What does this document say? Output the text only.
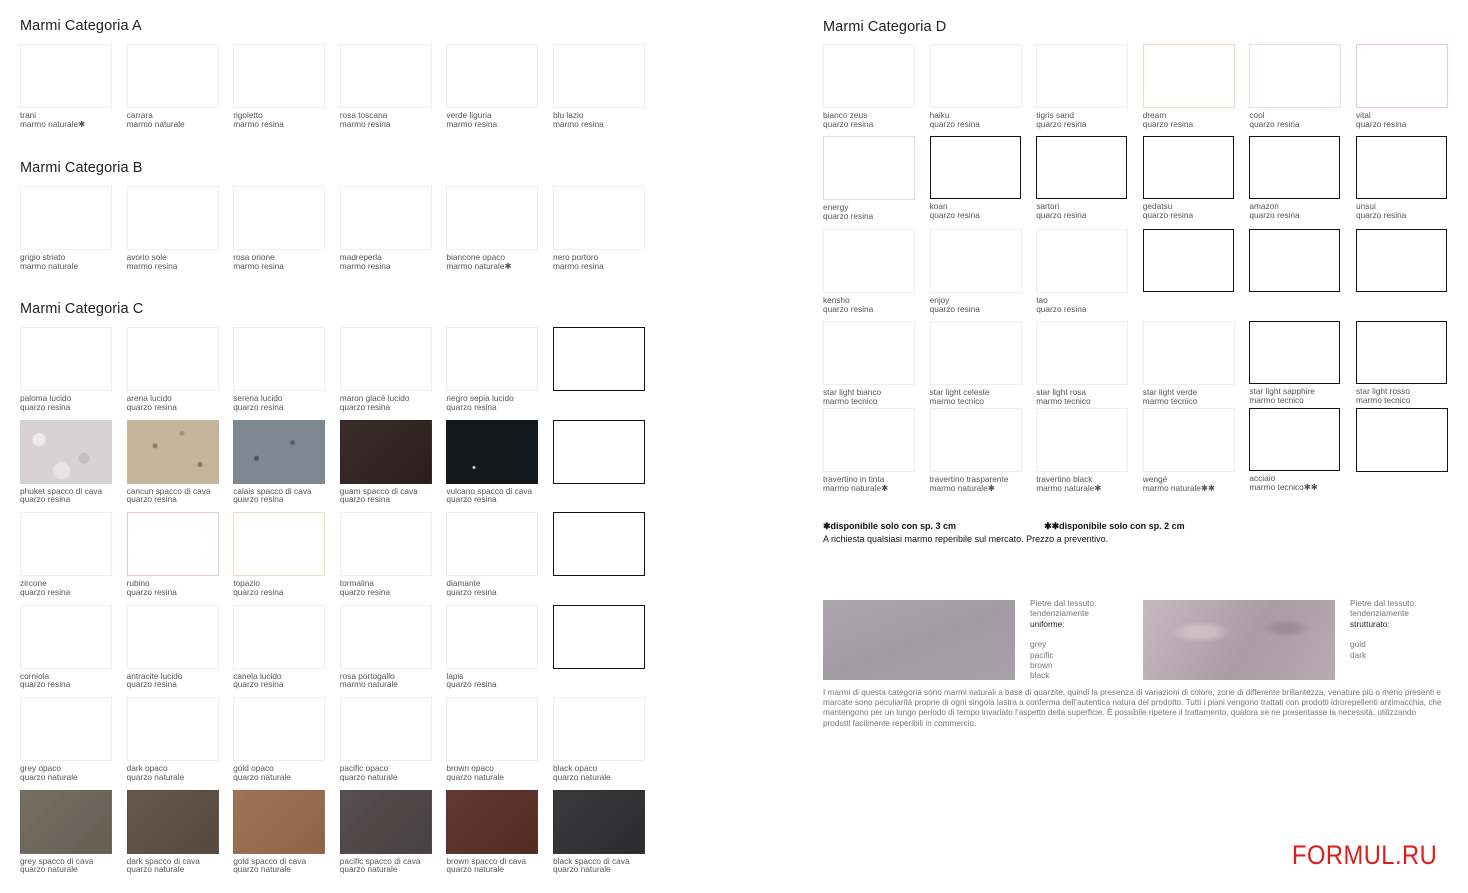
Marmi Categoria A
trani
marmo naturale✱
carrara
marmo naturale
rigoletto
marmo resina
rosa toscana
marmo resina
verde liguria
marmo resina
blu lazio
marmo resina
Marmi Categoria B
grigio striato
marmo naturale
avorio sole
marmo resina
rosa orione
marmo resina
madreperla
marmo resina
biancone opaco
marmo naturale✱
nero portoro
marmo resina
Marmi Categoria C
paloma lucido
quarzo resina
arena lucido
quarzo resina
serena lucido
quarzo resina
maron glacè lucido
quarzo resina
negro sepia lucido
quarzo resina
phuket spacco di cava
quarzo resina
cancun spacco di cava
quarzo resina
calais spacco di cava
quarzo resina
guam spacco di cava
quarzo resina
vulcano spacco di cava
quarzo resina
zircone
quarzo resina
rubino
quarzo resina
topazio
quarzo resina
tormalina
quarzo resina
diamante
quarzo resina
corniola
quarzo resina
antracite lucido
quarzo resina
canela lucido
quarzo resina
rosa portogallo
marmo naturale
lapis
quarzo resina
grey opaco
quarzo naturale
dark opaco
quarzo naturale
gold opaco
quarzo naturale
pacific opaco
quarzo naturale
brown opaco
quarzo naturale
black opaco
quarzo naturale
grey spacco di cava
quarzo naturale
dark spacco di cava
quarzo naturale
gold spacco di cava
quarzo naturale
pacific spacco di cava
quarzo naturale
brown spacco di cava
quarzo naturale
black spacco di cava
quarzo naturale
Marmi Categoria D
bianco zeus
quarzo resina
haiku
quarzo resina
tigris sand
quarzo resina
dream
quarzo resina
cool
quarzo resina
vital
quarzo resina
energy
quarzo resina
koan
quarzo resina
sartori
quarzo resina
gedatsu
quarzo resina
amazon
quarzo resina
unsui
quarzo resina
kensho
quarzo resina
enjoy
quarzo resina
tao
quarzo resina
star light bianco
marmo tecnico
star light celeste
marmo tecnico
star light rosa
marmo tecnico
star light verde
marmo tecnico
star light sapphire
marmo tecnico
star light rosso
marmo tecnico
travertino in tinta
marmo naturale✱
travertino trasparente
marmo naturale✱
travertino black
marmo naturale✱
wengé
marmo naturale✱✱
acciaio
marmo tecnico✱✱
✱disponibile solo con sp. 3 cm	✱✱disponibile solo con sp. 2 cm
A richiesta qualsiasi marmo reperibile sul mercato. Prezzo a preventivo.
Pietre dal tessuto
tendenziamente
uniforme:
grey
pacific
brown
black
Pietre dal tessuto
tendenziamente
strutturato:
gold
dark
I marmi di questa categoria sono marmi naturali a base di quarzite, quindi la presenza di variazioni di colore, zone di differente brillantezza, venature più o meno presenti e marcate sono peculiarità proprie di ogni singola lastra a conferma dell’autentica natura del prodotto. Tutti i piani vengono trattati con prodotti idrorepellenti antimacchia, che mantengono per un lungo periodo di tempo invariato l’aspetto della superficie. È possibile ripetere il trattamento, qualora se ne presentasse la necessità, utilizzando prodotti facilmente reperibili in commercio.
FORMUL.RU
